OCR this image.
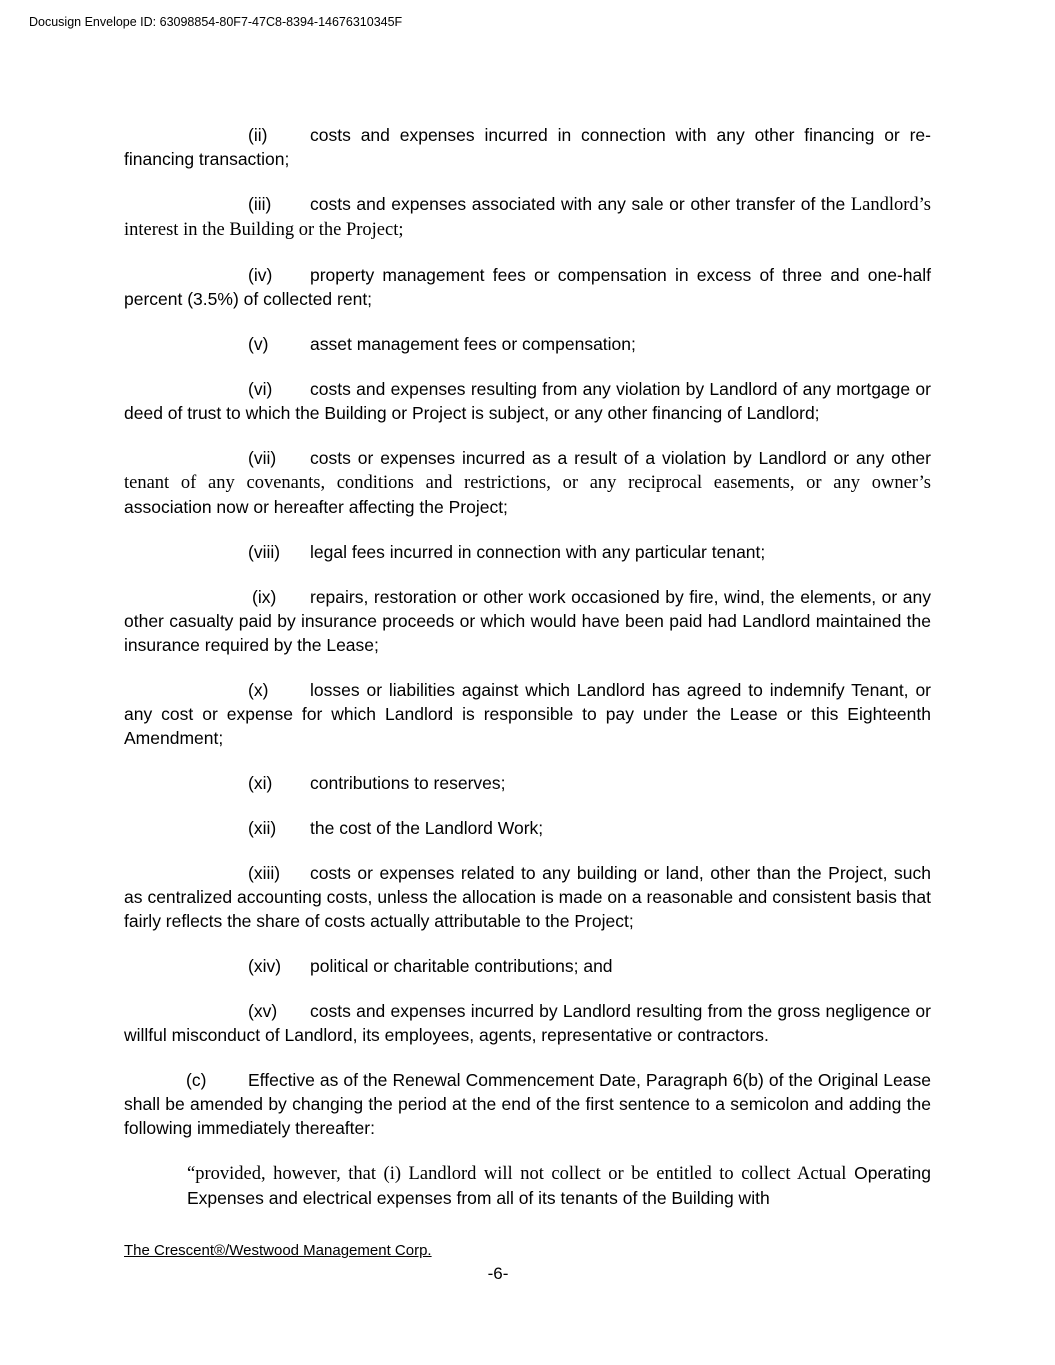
Docusign Envelope ID: 63098854-80F7-47C8-8394-14676310345F

(ii) costs and expenses incurred in connection with any other financing or re- financing transaction;

(iii) costs and expenses associated with any sale or other transfer of the Landlord’s interest in the Building or the Project;

(iv) property management fees or compensation in excess of three and one-half percent (3.5%) of collected rent;

(v) asset management fees or compensation;

(vi) costs and expenses resulting from any violation by Landlord of any mortgage or deed of trust to which the Building or Project is subject, or any other financing of Landlord;

(vii) costs or expenses incurred as a result of a violation by Landlord or any other tenant of any covenants, conditions and restrictions, or any reciprocal easements, or any owner’s association now or hereafter affecting the Project;

(viii) legal fees incurred in connection with any particular tenant;

(ix) repairs, restoration or other work occasioned by fire, wind, the elements, or any other casualty paid by insurance proceeds or which would have been paid had Landlord maintained the insurance required by the Lease;

(x) losses or liabilities against which Landlord has agreed to indemnify Tenant, or any cost or expense for which Landlord is responsible to pay under the Lease or this Eighteenth Amendment;

(xi) contributions to reserves;

(xii) the cost of the Landlord Work;

(xiii) costs or expenses related to any building or land, other than the Project, such as centralized accounting costs, unless the allocation is made on a reasonable and consistent basis that fairly reflects the share of costs actually attributable to the Project;

(xiv) political or charitable contributions; and

(xv) costs and expenses incurred by Landlord resulting from the gross negligence or willful misconduct of Landlord, its employees, agents, representative or contractors.

(c) Effective as of the Renewal Commencement Date, Paragraph 6(b) of the Original Lease shall be amended by changing the period at the end of the first sentence to a semicolon and adding the following immediately thereafter:

“provided, however, that (i) Landlord will not collect or be entitled to collect Actual Operating Expenses and electrical expenses from all of its tenants of the Building with

The Crescent®/Westwood Management Corp.
-6-
